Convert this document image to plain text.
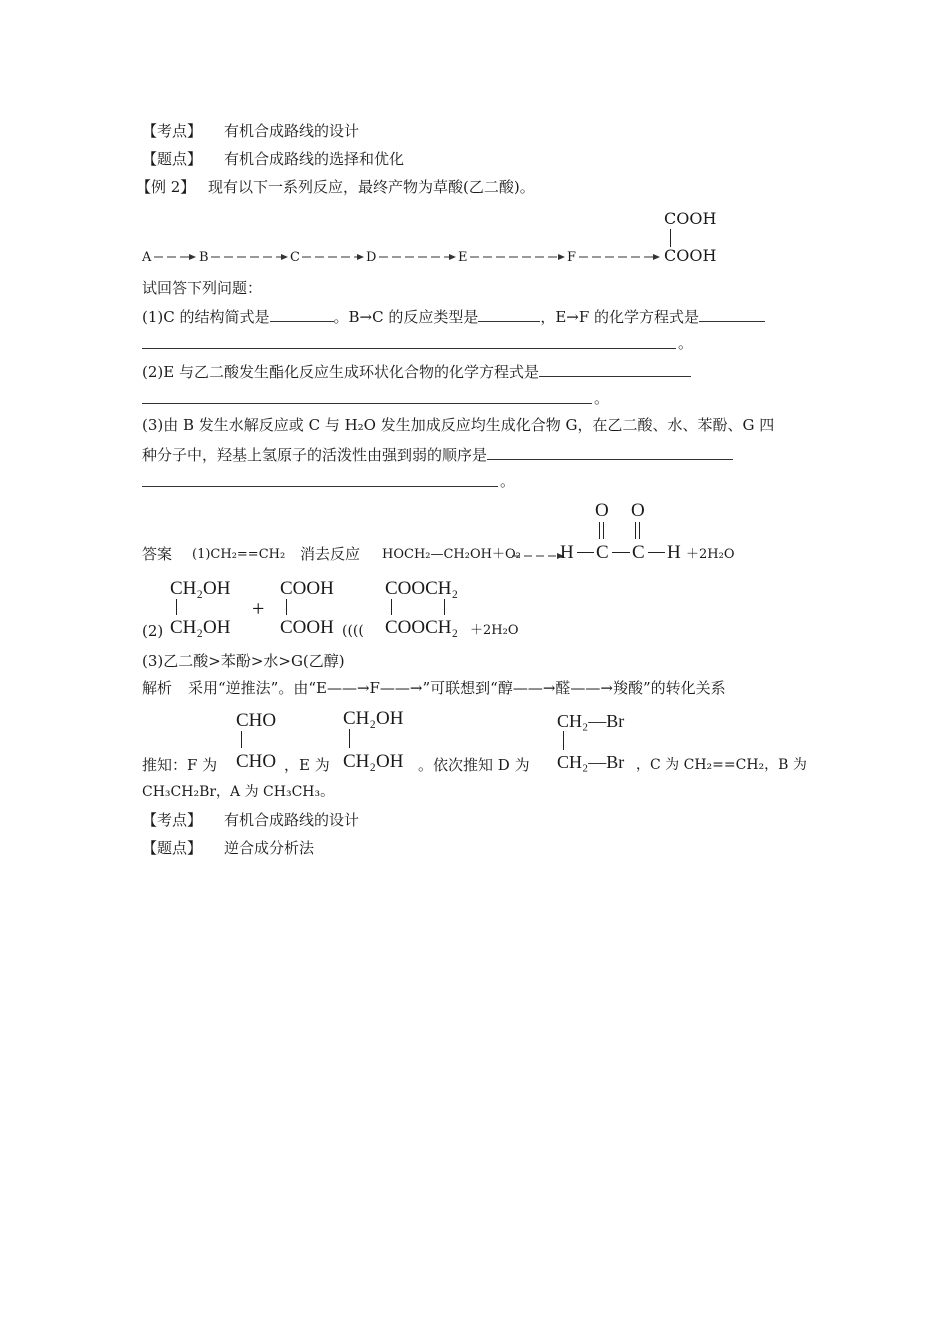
【考点】 有机合成路线的设计
【题点】 有机合成路线的选择和优化
【例 2】 现有以下一系列反应，最终产物为草酸(乙二酸)。
A	B	C	D	E	F
COOH
COOH
试回答下列问题：
(1)C 的结构简式是	。B→C 的反应类型是	，E→F 的化学方程式是
。
(2)E 与乙二酸发生酯化反应生成环状化合物的化学方程式是
。
(3)由 B 发生水解反应或 C 与 H₂O 发生加成反应均生成化合物 G，在乙二酸、水、苯酚、G 四
种分子中，羟基上氢原子的活泼性由强到弱的顺序是
。
答案 (1)CH₂==CH₂ 消去反应 HOCH₂—CH₂OH＋O₂
O O
H C C H ＋2H₂O
(2)
CH₂OH
CH₂OH
+
COOH
COOH ((((
COOCH₂
COOCH₂ ＋2H₂O
(3)乙二酸>苯酚>水>G(乙醇)
解析 采用“逆推法”。由“E——→F——→”可联想到“醇——→醛——→羧酸”的转化关系
推知：F 为
CHO
CHO ，E 为
CH₂OH
CH₂OH 。依次推知 D 为
CH₂—Br
CH₂—Br ，C 为 CH₂==CH₂，B 为
CH₃CH₂Br，A 为 CH₃CH₃。
【考点】 有机合成路线的设计
【题点】 逆合成分析法
